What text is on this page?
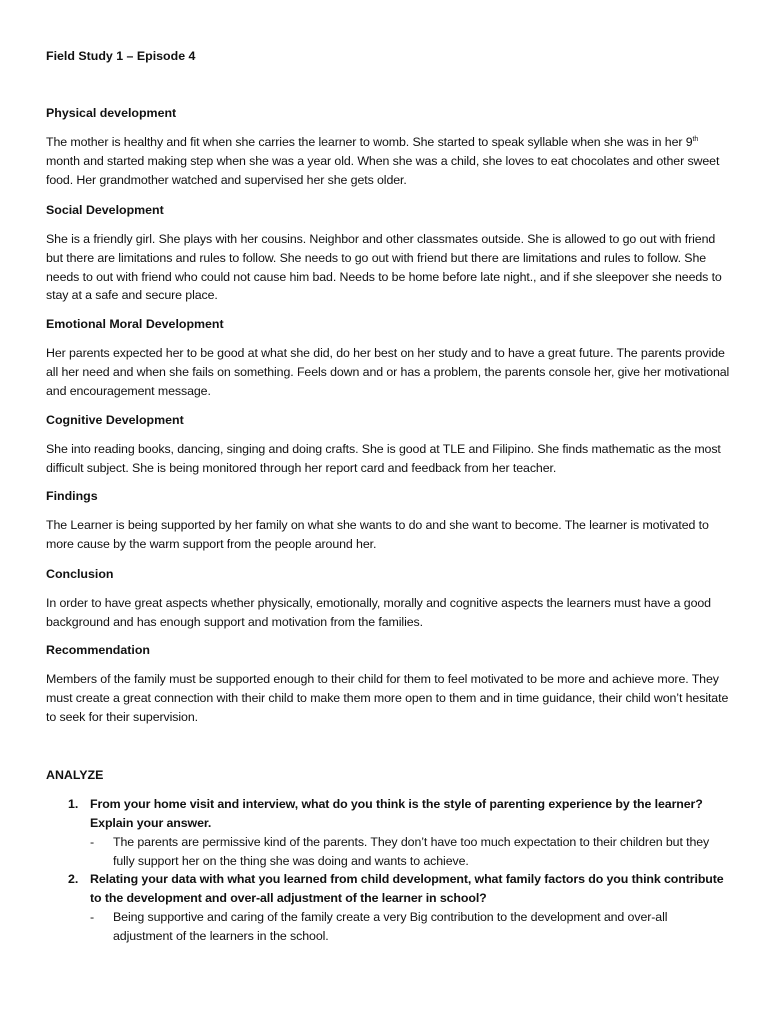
Field Study 1 – Episode 4
Physical development

The mother is healthy and fit when she carries the learner to womb. She started to speak syllable when she was in her 9th month and started making step when she was a year old. When she was a child, she loves to eat chocolates and other sweet food. Her grandmother watched and supervised her she gets older.

Social Development

She is a friendly girl. She plays with her cousins. Neighbor and other classmates outside. She is allowed to go out with friend but there are limitations and rules to follow. She needs to go out with friend but there are limitations and rules to follow. She needs to out with friend who could not cause him bad. Needs to be home before late night., and if she sleepover she needs to stay at a safe and secure place.

Emotional Moral Development

Her parents expected her to be good at what she did, do her best on her study and to have a great future. The parents provide all her need and when she fails on something. Feels down and or has a problem, the parents console her, give her motivational and encouragement message.

Cognitive Development

She into reading books, dancing, singing and doing crafts. She is good at TLE and Filipino. She finds mathematic as the most difficult subject. She is being monitored through her report card and feedback from her teacher.

Findings

The Learner is being supported by her family on what she wants to do and she want to become. The learner is motivated to more cause by the warm support from the people around her.

Conclusion

In order to have great aspects whether physically, emotionally, morally and cognitive aspects the learners must have a good background and has enough support and motivation from the families.

Recommendation

Members of the family must be supported enough to their child for them to feel motivated to be more and achieve more. They must create a great connection with their child to make them more open to them and in time guidance, their child won’t hesitate to seek for their supervision.

ANALYZE
1. From your home visit and interview, what do you think is the style of parenting experience by the learner? Explain your answer.
- The parents are permissive kind of the parents. They don’t have too much expectation to their children but they fully support her on the thing she was doing and wants to achieve.
2. Relating your data with what you learned from child development, what family factors do you think contribute to the development and over-all adjustment of the learner in school?
- Being supportive and caring of the family create a very Big contribution to the development and over-all adjustment of the learners in the school.
